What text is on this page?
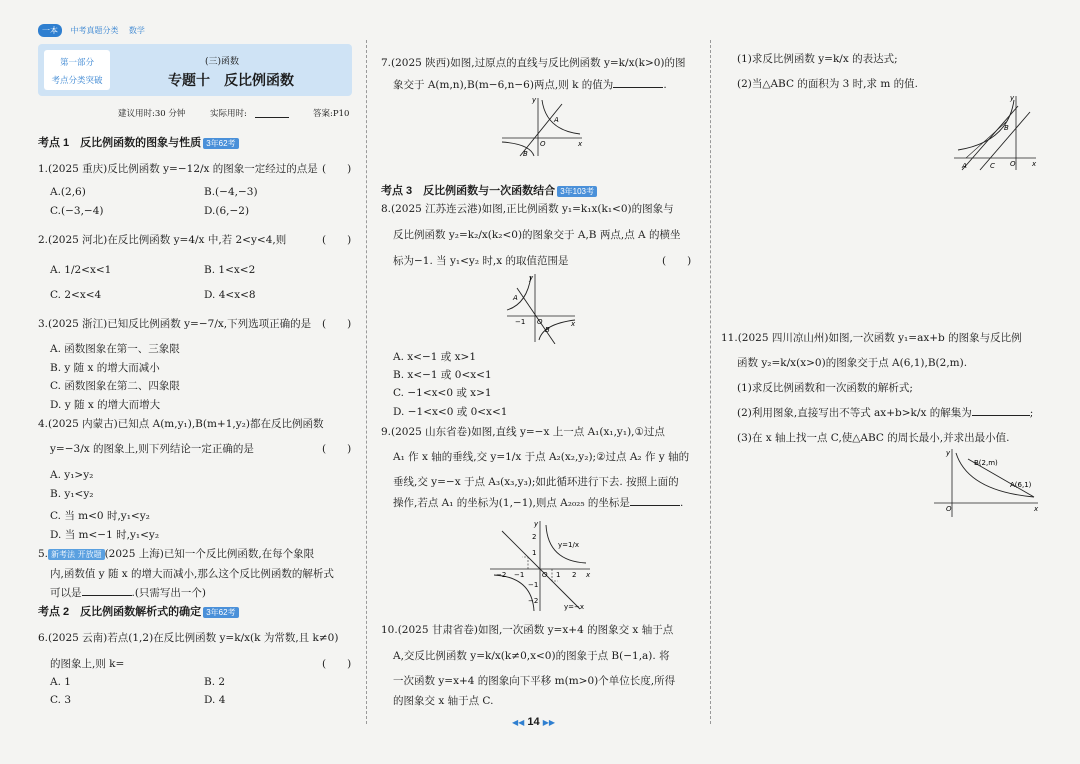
一本 中考真题分类 数学
第一部分
考点分类突破
(三)函数
专题十　反比例函数
建议用时:30 分钟	实际用时:	答案:P10
考点 1　反比例函数的图象与性质 3年62考
1.(2025 重庆)反比例函数 y=−12/x 的图象一定经过的点是 (　　)
A.(2,6)	B.(−4,−3)
C.(−3,−4)	D.(6,−2)
2.(2025 河北)在反比例函数 y=4/x 中,若 2<y<4,则	(　　)
A. 1/2<x<1	B. 1<x<2
C. 2<x<4	D. 4<x<8
3.(2025 浙江)已知反比例函数 y=−7/x,下列选项正确的是 (　　)
A. 函数图象在第一、三象限
B. y 随 x 的增大而减小
C. 函数图象在第二、四象限
D. y 随 x 的增大而增大
4.(2025 内蒙古)已知点 A(m,y₁),B(m+1,y₂)都在反比例函数
y=−3/x 的图象上,则下列结论一定正确的是	(　　)
A. y₁>y₂
B. y₁<y₂
C. 当 m<0 时,y₁<y₂
D. 当 m<−1 时,y₁<y₂
5. 新考法 开放题 (2025 上海)已知一个反比例函数,在每个象限
内,函数值 y 随 x 的增大而减小,那么这个反比例函数的解析式
可以是	.(只需写出一个)
考点 2　反比例函数解析式的确定 3年62考
6.(2025 云南)若点(1,2)在反比例函数 y=k/x(k 为常数,且 k≠0)
的图象上,则 k=	(　　)
A. 1	B. 2
C. 3	D. 4
7.(2025 陕西)如图,过原点的直线与反比例函数 y=k/x(k>0)的图
象交于 A(m,n),B(m−6,n−6)两点,则 k 的值为	.
y
x
O
A
B
考点 3　反比例函数与一次函数结合 3年103考
8.(2025 江苏连云港)如图,正比例函数 y₁=k₁x(k₁<0)的图象与
反比例函数 y₂=k₂/x(k₂<0)的图象交于 A,B 两点,点 A 的横坐
标为−1. 当 y₁<y₂ 时,x 的取值范围是	(　　)
y
x
O
A
B
−1
A. x<−1 或 x>1
B. x<−1 或 0<x<1
C. −1<x<0 或 x>1
D. −1<x<0 或 0<x<1
9.(2025 山东省卷)如图,直线 y=−x 上一点 A₁(x₁,y₁),①过点
A₁ 作 x 轴的垂线,交 y=1/x 于点 A₂(x₂,y₂);②过点 A₂ 作 y 轴的
垂线,交 y=−x 于点 A₃(x₃,y₃);如此循环进行下去. 按照上面的
操作,若点 A₁ 的坐标为(1,−1),则点 A₂₀₂₅ 的坐标是	.
y
x
O
y=1/x
y=−x
−2 −1	1 2
2
1
−1
−2
10.(2025 甘肃省卷)如图,一次函数 y=x+4 的图象交 x 轴于点
A,交反比例函数 y=k/x(k≠0,x<0)的图象于点 B(−1,a). 将
一次函数 y=x+4 的图象向下平移 m(m>0)个单位长度,所得
的图象交 x 轴于点 C.
(1)求反比例函数 y=k/x 的表达式;
(2)当△ABC 的面积为 3 时,求 m 的值.
y
x
O
A	C
B
11.(2025 四川凉山州)如图,一次函数 y₁=ax+b 的图象与反比例
函数 y₂=k/x(x>0)的图象交于点 A(6,1),B(2,m).
(1)求反比例函数和一次函数的解析式;
(2)利用图象,直接写出不等式 ax+b>k/x 的解集为	;
(3)在 x 轴上找一点 C,使△ABC 的周长最小,并求出最小值.
y
x
O
B(2,m)
A(6,1)
◀◀ 14 ▶▶
